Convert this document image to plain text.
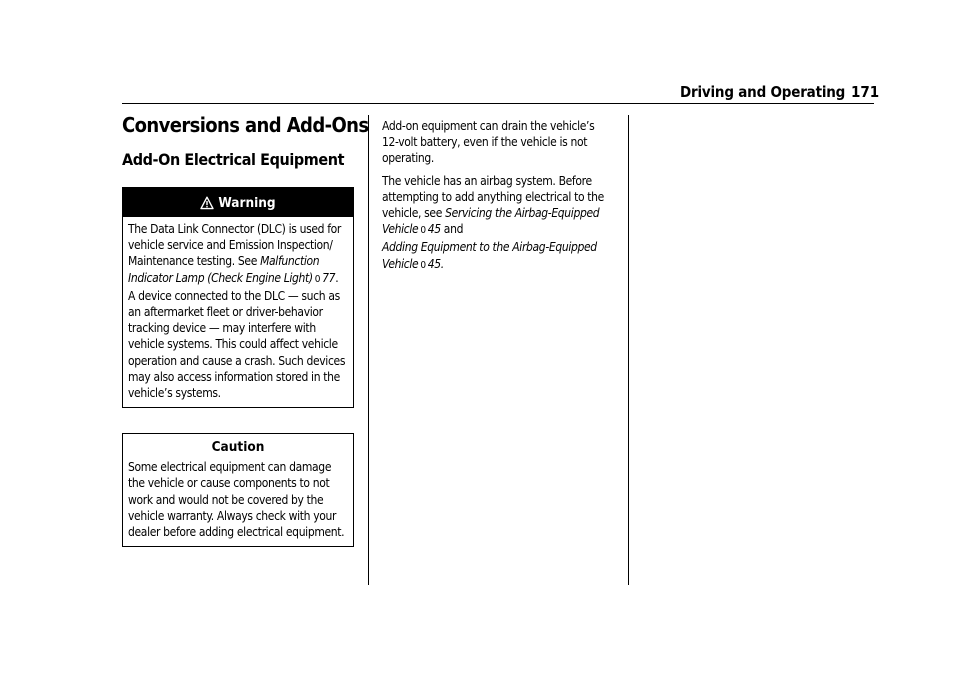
Driving and Operating 171
Conversions and Add-Ons
Add-On Electrical Equipment
Warning
The Data Link Connector (DLC) is used for vehicle service and Emission Inspection/ Maintenance testing. See Malfunction Indicator Lamp (Check Engine Light) 0 77. A device connected to the DLC — such as an aftermarket fleet or driver-behavior tracking device — may interfere with vehicle systems. This could affect vehicle operation and cause a crash. Such devices may also access information stored in the vehicle’s systems.
Caution
Some electrical equipment can damage the vehicle or cause components to not work and would not be covered by the vehicle warranty. Always check with your dealer before adding electrical equipment.

Add-on equipment can drain the vehicle’s 12-volt battery, even if the vehicle is not operating.

The vehicle has an airbag system. Before attempting to add anything electrical to the vehicle, see Servicing the Airbag-Equipped Vehicle 0 45 and
Adding Equipment to the Airbag-Equipped Vehicle 0 45.
